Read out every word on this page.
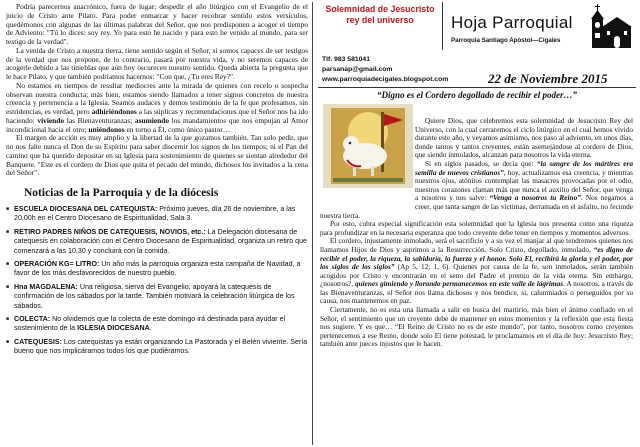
Podría parecernos anacrónico, fuera de lugar; despedir el año litúrgico con el Evangelio de el juicio de Cristo ante Pilato. Para poder enmarcar y hacer recobrar sentido estos versículos, quedémonos con algunas de las últimas palabras del Señor, que nos predisponen a acoger el tiempo de Adviento: "Tú lo dices: soy rey. Yo para esto he nacido y para esto he venido al mundo, para ser testigo de la verdad".

La venida de Cristo a nuestra tierra, tiene sentido según el Señor, si somos capaces de ser testigos de la verdad que nos propone, de lo contrario, pasará por nuestra vida, y no seremos capaces de acogerle debido a las tinieblas que aún hoy oscurecen nuestro sentido. Queda abierta la pregunta que le hace Pilato, y que también podríamos hacernos: "Con que, ¿Tu eres Rey?".

No estamos en tiempos de resultar mediocres ante la mirada de quienes con recelo o sospecha observan nuestra conducta; más bien, estamos siendo llamados a tener signos concretos de nuestra creencia y pertenencia a la Iglesia. Seamos audaces y demos testimonio de la fe que profesamos, sin estridencias, es verdad, pero adhiriéndonos a las súplicas y recomendaciones que el Señor nos ha ido haciendo: viviendo las Bienaventuranzas; asumiendo los mandamientos que nos empujan al Amor incondicional hacia el otro; uniéndonos en torno a Él, como único pastor…

El margen de acción es muy amplio y la libertad de la que gozamos también. Tan solo pedir, que no nos falte nunca el Don de su Espíritu para saber discernir los signos de los tiempos; ni el Pan del camino que ha querido depositar en su Iglesia para sostenimiento de quienes se sientan alrededor del Banquete. "Este es el cordero de Dios que quita el pecado del mundo, dichosos los invitados a la cena del Señor".

Noticias de la Parroquia y de la diócesis
■ ESCUELA DIOCESANA DEL CATEQUISTA: Próximo jueves, día 26 de noviembre, a las 20,00h en el Centro Diocesano de Espiritualidad, Sala 3.
■ RETIRO PADRES NIÑOS DE CATEQUESIS, NOVIOS, etc.: La Delegación diocesana de catequesis en colaboración con el Centro Diocesano de Espiritualidad, organiza un retiro que comenzará a las 10,30 y concluirá con la comida.
■ OPERACIÓN KG= LITRO: Un año más la parroquia organiza esta campaña de Navidad, a favor de los más desfavorecidos de nuestro pueblo.
■ Hna MAGDALENA: Una religiosa, sierva del Evangelio, apoyará la catequesis de confirmación de los sábados por la tarde. También motivará la celebración litúrgica de los sábados.
■ COLECTA: No olvidemos que la colecta de este domingo irá destinada para ayudar el sostenimiento de la IGLESIA DIOCESANA.
■ CATEQUESIS: Los catequistas ya están organizando La Pastorada y el Belén viviente. Sería bueno que nos implicáramos todos los que pudiéramos.
Solemnidad de Jesucristo rey del universo	Hoja Parroquial
Parroquia Santiago Apóstol—Cigales
Tlf. 983 581041
parsanap@gmail.com
www.parroquiadecigales.blogspot.com	22 de Noviembre 2015
“Digno es el Cordero degollado de recibir el poder…”

Quiere Dios, que celebremos esta solemnidad de Jesucristo Rey del Universo, con la cual cerraremos el ciclo litúrgico en el cual hemos vivido durante este año, y veyamos asimismo, nos paso al adviento, en unos días, donde tantos y tantos creyentes, están asemejándose al cordero de Dios, que siendo inmolados, alcanzan para nosotros la vida eterna.

Si en siglos pasados, se decía que: “la sangre de los mártires era semilla de nuevos cristianos”, hoy, actualizamos esa creencia, y mientras nuestros ojos, atónitos contemplan las masacres provocadas por el odio, nuestros corazones claman más que nunca el auxilio del Señor, que venga a nosotros y nos salve: “Venga a nosotros tu Reino”. Nos negamos a creer, que tanta sangre de las víctimas, derramada en el asfalto, no fecunde nuestra tierra.

Por esto, cobra especial significación esta solemnidad que la Iglesia nos presenta como una riqueza para profundizar en la necesaria esperanza que todo creyente debe tener en tiempos y momentos adversos.

El cordero, injustamente inmolado, será el sacrificio y a su vez el manjar al que tendremos quienes nos llamamos Hijos de Dios y asprimos a la Resurrección. Solo Cristo, degollado, inmolado, “es digno de recibir el poder, la riqueza, la sabiduría, la fuerza y el honor. Solo El, recibirá la gloria y el poder, por los siglos de los siglos” (Ap 5, 12; 1, 6). Quienes por causa de la fe, son inmolados, serán también acogidos por Cristo y encontrarán en el seno del Padre el premio de la vida eterna. Sin embargo, ¿nosotros?, quienes gimiendo y llorando permanecemos en este valle de lágrimas. A nosotros, a través de las Bienaventuranzas, el Señor nos llama dichosos y nos bendice, si, calumniados o perseguidos por su causa, nos mantenemos en paz.

Ciertamente, no es esta una llamada a salir en busca del martirio, más bien el ánimo confiado en el Señor, el sentimiento que un creyente debe de mantener en estos momentos y la reflexión que esta fiesta nos sugiere. Y es que… “El Reino de Cristo no es de este mundo”, por tanto, nosotros como creyentes pertenecemos a ese Reino, donde solo El tiene potestad, le proclamamos en el día de hoy: Jesucristo Rey; también ante jueces injustos que le hacen.
